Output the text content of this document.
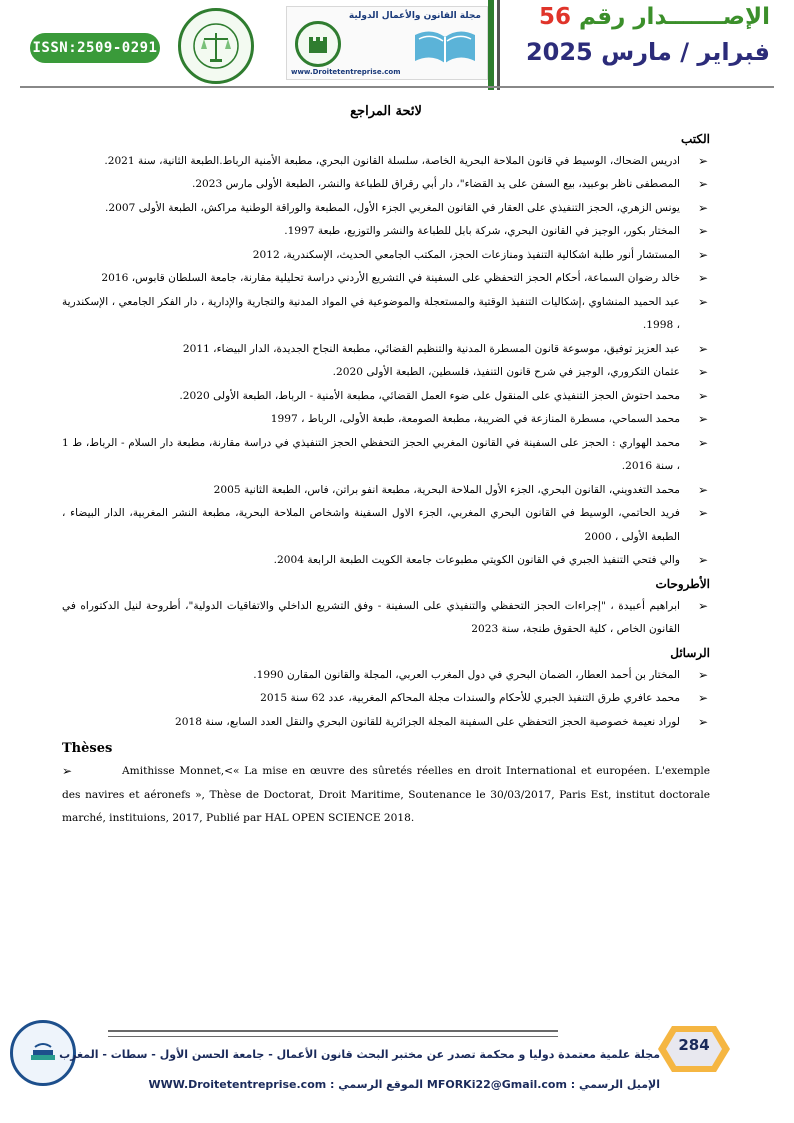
ISSN:2509-0291
مجلة القانون والأعمال الدولية
www.Droitetentreprise.com
الإصـــــــدار رقم 56
فبراير / مارس 2025
لائحة المراجع
الكتب
➢ ادريس الضحاك، الوسيط في قانون الملاحة البحرية الخاصة، سلسلة القانون البحري، مطبعة الأمنية الرباط.الطبعة الثانية، سنة 2021.
➢ المصطفى ناظر بوعبيد، بيع السفن على يد القضاء"، دار أبي رقراق للطباعة والنشر، الطبعة الأولى مارس 2023.
➢ يونس الزهري، الحجز التنفيذي على العقار في القانون المغربي الجزء الأول، المطبعة والوراقة الوطنية مراكش، الطبعة الأولى 2007.
➢ المختار بكور، الوجيز في القانون البحري، شركة بابل للطباعة والنشر والتوزيع، طبعة 1997.
➢ المستشار أنور طلبة اشكالية التنفيذ ومنازعات الحجز، المكتب الجامعي الحديث، الإسكندرية، 2012
➢ خالد رضوان السماعة، أحكام الحجز التحفظي على السفينة في التشريع الأردني دراسة تحليلية مقارنة، جامعة السلطان قابوس، 2016
➢ عبد الحميد المنشاوي ،إشكاليات التنفيذ الوقتية والمستعجلة والموضوعية في المواد المدنية والتجارية والإدارية ، دار الفكر الجامعي ، الإسكندرية ، 1998.
➢ عبد العزيز توفيق، موسوعة قانون المسطرة المدنية والتنظيم القضائي، مطبعة النجاح الجديدة، الدار البيضاء، 2011
➢ عثمان التكروري، الوجيز في شرح قانون التنفيذ، فلسطين، الطبعة الأولى 2020.
➢ محمد احتوش الحجز التنفيذي على المنقول على ضوء العمل القضائي، مطبعة الأمنية - الرباط، الطبعة الأولى 2020.
➢ محمد السماحي، مسطرة المنازعة في الضريبة، مطبعة الصومعة، طبعة الأولى، الرباط ، 1997
➢ محمد الهواري : الحجز على السفينة في القانون المغربي الحجز التحفظي الحجز التنفيذي في دراسة مقارنة، مطبعة دار السلام - الرباط، ط 1 ، سنة 2016.
➢ محمد التغدويني، القانون البحري، الجزء الأول الملاحة البحرية، مطبعة انفو براتن، فاس، الطبعة الثانية 2005
➢ فريد الحاتمي، الوسيط في القانون البحري المغربي، الجزء الاول السفينة واشخاص الملاحة البحرية، مطبعة النشر المغربية، الدار البيضاء ، الطبعة الأولى ، 2000
➢ والي فتحي التنفيذ الجبري في القانون الكويتي مطبوعات جامعة الكويت الطبعة الرابعة 2004.
الأطروحات
➢ ابراهيم أعبيدة ، "إجراءات الحجز التحفظي والتنفيذي على السفينة - وفق التشريع الداخلي والاتفاقيات الدولية"، أطروحة لنيل الدكتوراه في القانون الخاص ، كلية الحقوق طنجة، سنة 2023
الرسائل
➢ المختار بن أحمد العطار، الضمان البحري في دول المغرب العربي، المجلة والقانون المقارن 1990.
➢ محمد عافري طرق التنفيذ الجبري للأحكام والسندات مجلة المحاكم المغربية، عدد 62 سنة 2015
➢ لوراد نعيمة خصوصية الحجز التحفظي على السفينة المجلة الجزائرية للقانون البحري والنقل العدد السابع، سنة 2018
Thèses
➢ Amithisse Monnet,<« La mise en œuvre des sûretés réelles en droit International et européen. L'exemple des navires et aéronefs », Thèse de Doctorat, Droit Maritime, Soutenance le 30/03/2017, Paris Est, institut doctorale marché, instituions, 2017, Publié par HAL OPEN SCIENCE 2018.
مجلة علمية معتمدة دوليا و محكمة تصدر عن مختبر البحث قانون الأعمال - جامعة الحسن الأول - سطات - المغرب
الإميل الرسمي : MFORKi22@Gmail.com الموقع الرسمي : WWW.Droitetentreprise.com
284
